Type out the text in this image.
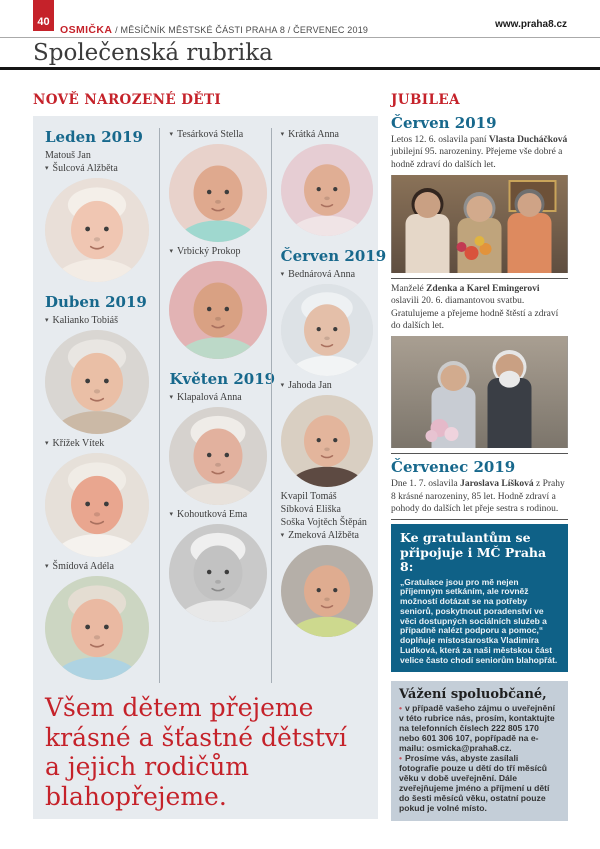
40
OSMIČKA / MĚSÍČNÍK MĚSTSKÉ ČÁSTI PRAHA 8 / ČERVENEC 2019	www.praha8.cz
Společenská rubrika
NOVĚ NAROZENÉ DĚTI
Leden 2019
Matouš Jan
▾ Šulcová Alžběta
Duben 2019
▾ Kalianko Tobiáš
▾ Křížek Vítek
▾ Šmídová Adéla
▾ Tesárková Stella
▾ Vrbický Prokop
Květen 2019
▾ Klapalová Anna
▾ Kohoutková Ema
▾ Krátká Anna
Červen 2019
▾ Bednárová Anna
▾ Jahoda Jan
Kvapil Tomáš
Síbková Eliška
Soška Vojtěch Štěpán
▾ Zmeková Alžběta
Všem dětem přejeme
krásné a šťastné dětství
a jejich rodičům
blahopřejeme.
JUBILEA
Červen 2019

Letos 12. 6. oslavila paní Vlasta Ducháčková jubilejní 95. narozeniny. Přejeme vše dobré a hodně zdraví do dalších let.

Manželé Zdenka a Karel Emingerovi oslavili 20. 6. diamantovou svatbu. Gratulujeme a přejeme hodně štěstí a zdraví do dalších let.

Červenec 2019

Dne 1. 7. oslavila Jaroslava Líšková z Prahy 8 krásné narozeniny, 85 let. Hodně zdraví a pohody do dalších let přeje sestra s rodinou.

Ke gratulantům se připojuje i MČ Praha 8:
„Gratulace jsou pro mě nejen příjemným setkáním, ale rovněž možností dotázat se na potřeby seniorů, poskytnout poradenství ve věci dostupných sociálních služeb a případně nalézt podporu a pomoc,“ doplňuje místostarostka Vladimíra Ludková, která za naši městskou část velice často chodí seniorům blahopřát.
Vážení spoluobčané,
• v případě vašeho zájmu o uveřejnění v této rubrice nás, prosím, kontaktujte na telefonních číslech 222 805 170 nebo 601 306 107, popřípadě na e-mailu: osmicka@praha8.cz.
• Prosíme vás, abyste zasílali fotografie pouze u dětí do tří měsíců věku v době uveřejnění. Dále zveřejňujeme jméno a příjmení u dětí do šesti měsíců věku, ostatní pouze pokud je volné místo.
